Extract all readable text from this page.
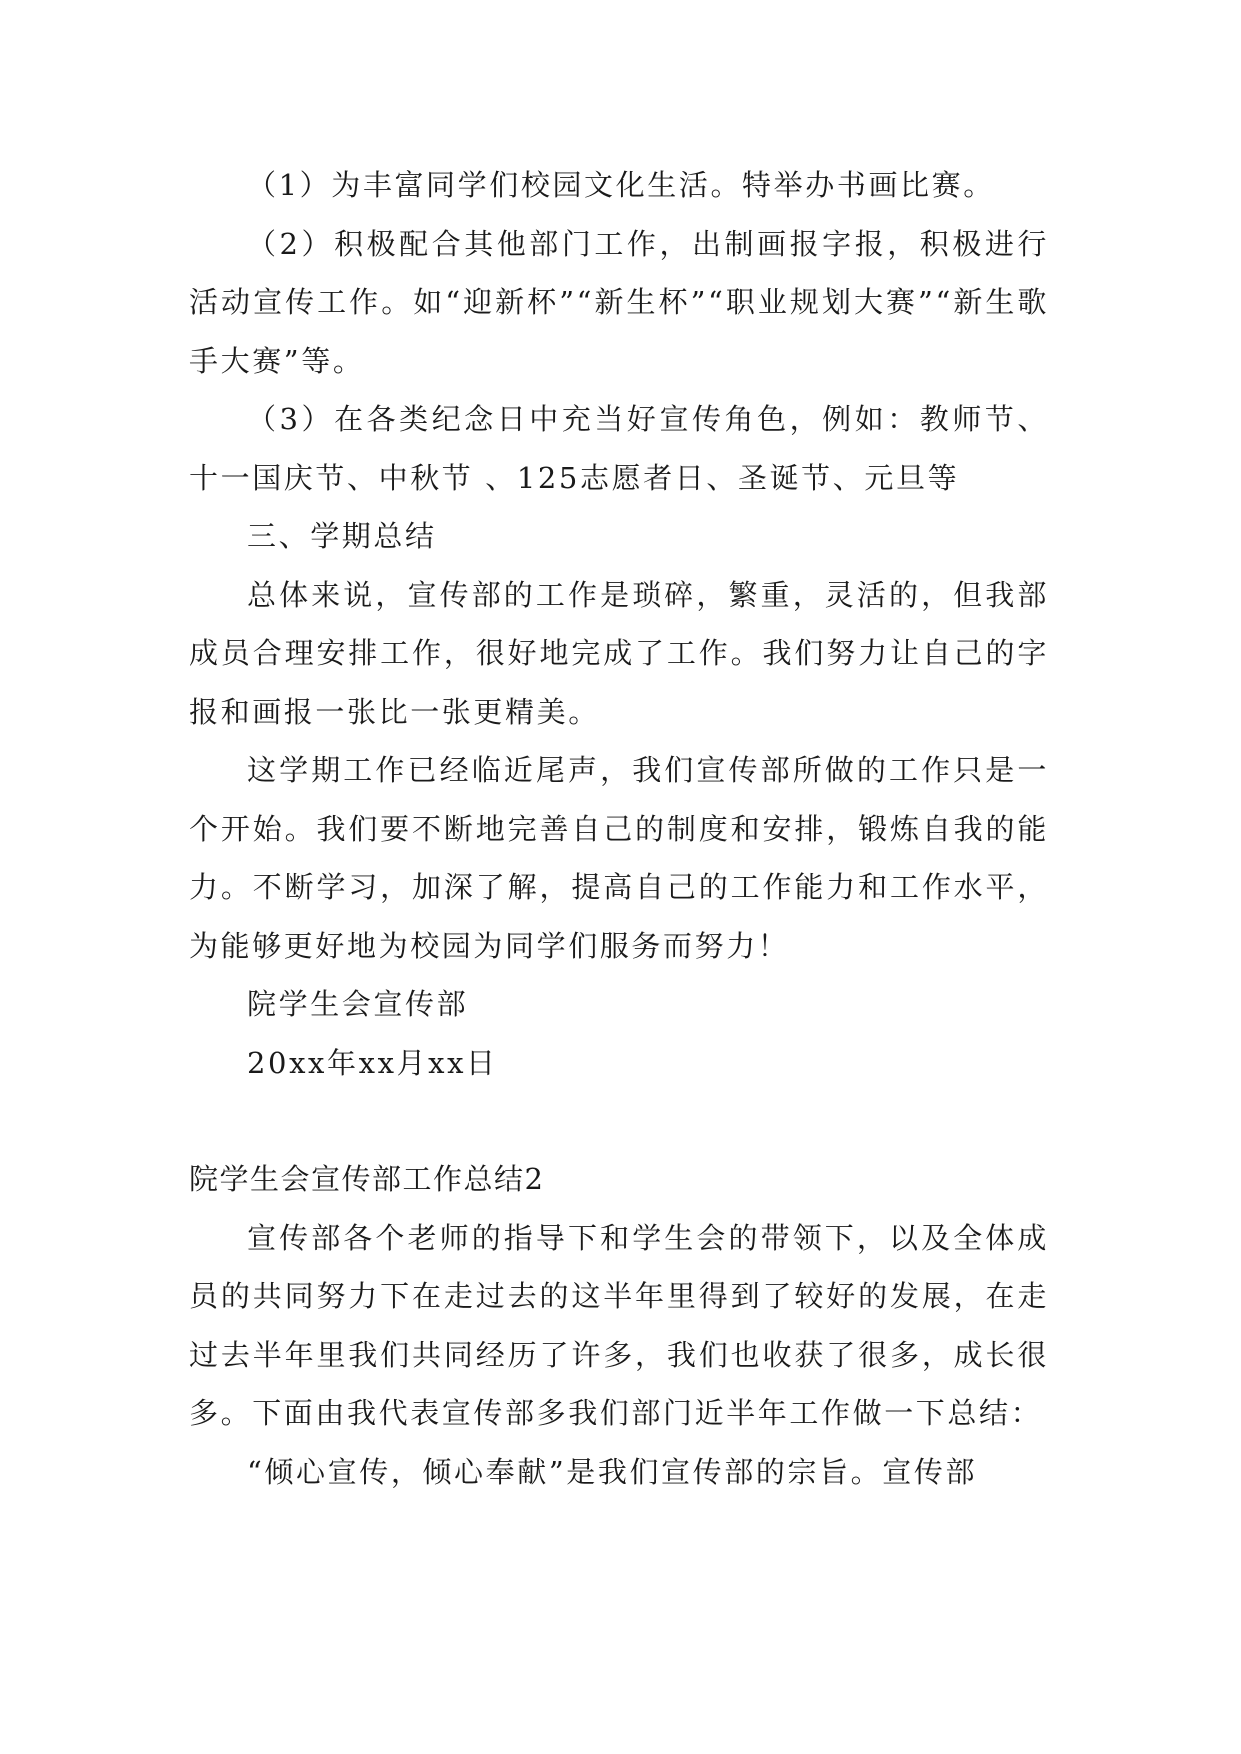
（1）为丰富同学们校园文化生活。特举办书画比赛。

（2）积极配合其他部门工作，出制画报字报，积极进行活动宣传工作。如“迎新杯”“新生杯”“职业规划大赛”“新生歌手大赛”等。

（3）在各类纪念日中充当好宣传角色，例如：教师节、十一国庆节、中秋节 、125志愿者日、圣诞节、元旦等

三、学期总结

总体来说，宣传部的工作是琐碎，繁重，灵活的，但我部成员合理安排工作，很好地完成了工作。我们努力让自己的字报和画报一张比一张更精美。

这学期工作已经临近尾声，我们宣传部所做的工作只是一个开始。我们要不断地完善自己的制度和安排，锻炼自我的能力。不断学习，加深了解，提高自己的工作能力和工作水平，为能够更好地为校园为同学们服务而努力！

院学生会宣传部

20xx年xx月xx日

院学生会宣传部工作总结2

宣传部各个老师的指导下和学生会的带领下，以及全体成员的共同努力下在走过去的这半年里得到了较好的发展，在走过去半年里我们共同经历了许多，我们也收获了很多，成长很多。下面由我代表宣传部多我们部门近半年工作做一下总结：

“倾心宣传，倾心奉献”是我们宣传部的宗旨。宣传部
